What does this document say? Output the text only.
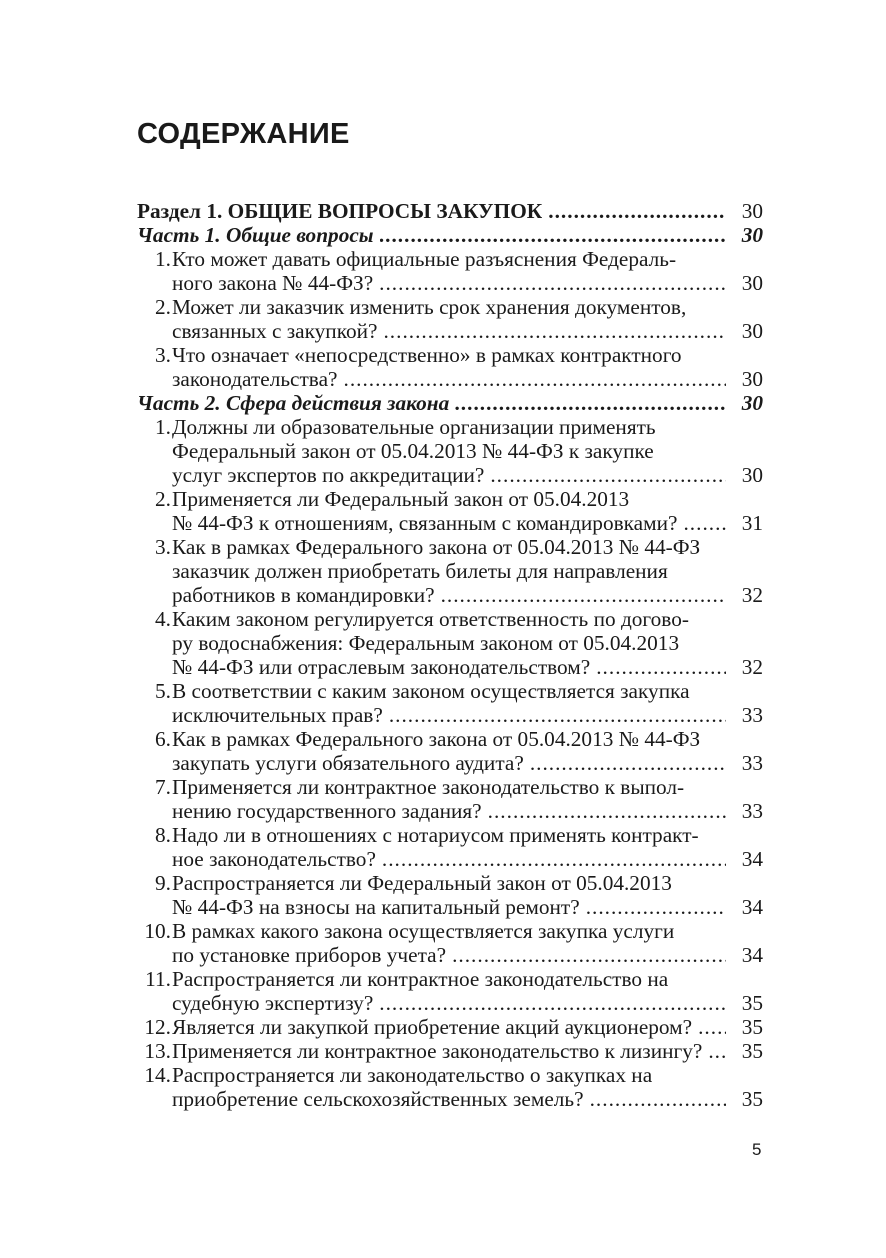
СОДЕРЖАНИЕ
Раздел 1. ОБЩИЕ ВОПРОСЫ ЗАКУПОК .....	30
Часть 1. Общие вопросы .....	30
1. Кто может давать официальные разъяснения Федераль-
ного закона № 44-ФЗ? .....	30
2. Может ли заказчик изменить срок хранения документов,
связанных с закупкой? .....	30
3. Что означает «непосредственно» в рамках контрактного
законодательства? .....	30
Часть 2. Сфера действия закона .....	30
1. Должны ли образовательные организации применять
Федеральный закон от 05.04.2013 № 44-ФЗ к закупке
услуг экспертов по аккредитации? .....	30
2. Применяется ли Федеральный закон от 05.04.2013
№ 44-ФЗ к отношениям, связанным с командировками? .....	31
3. Как в рамках Федерального закона от 05.04.2013 № 44-ФЗ
заказчик должен приобретать билеты для направления
работников в командировки? .....	32
4. Каким законом регулируется ответственность по догово-
ру водоснабжения: Федеральным законом от 05.04.2013
№ 44-ФЗ или отраслевым законодательством? .....	32
5. В соответствии с каким законом осуществляется закупка
исключительных прав? .....	33
6. Как в рамках Федерального закона от 05.04.2013 № 44-ФЗ
закупать услуги обязательного аудита? .....	33
7. Применяется ли контрактное законодательство к выпол-
нению государственного задания? .....	33
8. Надо ли в отношениях с нотариусом применять контракт-
ное законодательство? .....	34
9. Распространяется ли Федеральный закон от 05.04.2013
№ 44-ФЗ на взносы на капитальный ремонт? .....	34
10. В рамках какого закона осуществляется закупка услуги
по установке приборов учета? .....	34
11. Распространяется ли контрактное законодательство на
судебную экспертизу? .....	35
12. Является ли закупкой приобретение акций аукционером? .....	35
13. Применяется ли контрактное законодательство к лизингу? .....	35
14. Распространяется ли законодательство о закупках на
приобретение сельскохозяйственных земель? .....	35
5
